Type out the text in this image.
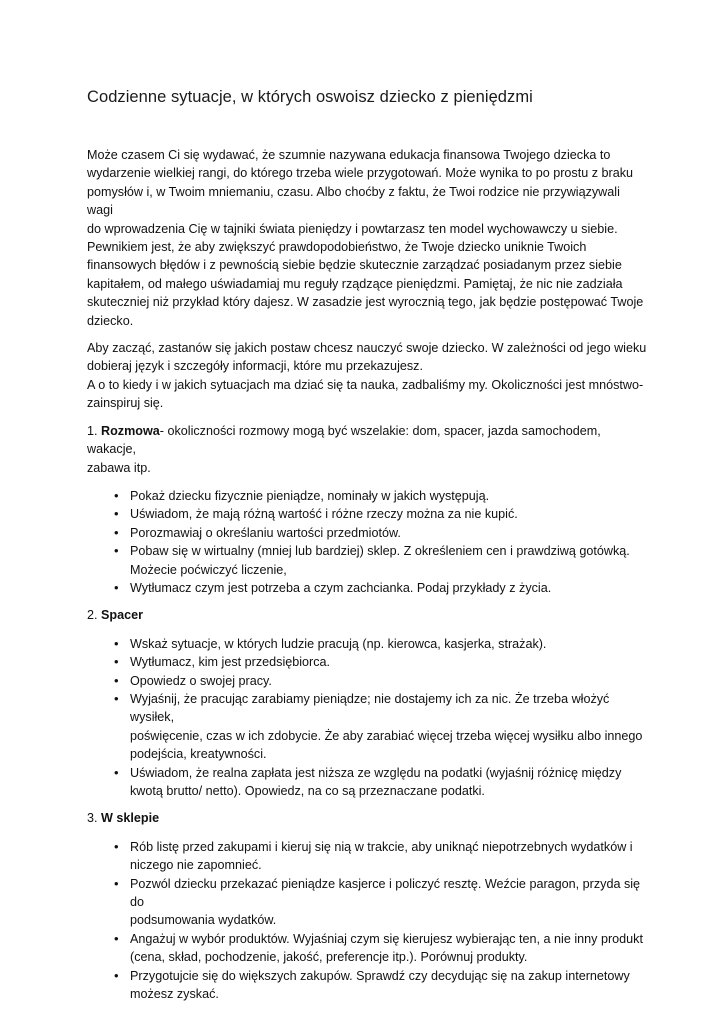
Codzienne sytuacje, w których oswoisz dziecko z pieniędzmi

Może czasem Ci się wydawać, że szumnie nazywana edukacja finansowa Twojego dziecka to
wydarzenie wielkiej rangi, do którego trzeba wiele przygotowań. Może wynika to po prostu z braku
pomysłów i, w Twoim mniemaniu, czasu. Albo choćby z faktu, że Twoi rodzice nie przywiązywali wagi
do wprowadzenia Cię w tajniki świata pieniędzy i powtarzasz ten model wychowawczy u siebie.
Pewnikiem jest, że aby zwiększyć prawdopodobieństwo, że Twoje dziecko uniknie Twoich
finansowych błędów i z pewnością siebie będzie skutecznie zarządzać posiadanym przez siebie
kapitałem, od małego uświadamiaj mu reguły rządzące pieniędzmi. Pamiętaj, że nic nie zadziała
skuteczniej niż przykład który dajesz. W zasadzie jest wyrocznią tego, jak będzie postępować Twoje
dziecko.

Aby zacząć, zastanów się jakich postaw chcesz nauczyć swoje dziecko. W zależności od jego wieku
dobieraj język i szczegóły informacji, które mu przekazujesz.
A o to kiedy i w jakich sytuacjach ma dziać się ta nauka, zadbaliśmy my. Okoliczności jest mnóstwo-
zainspiruj się.

1. Rozmowa- okoliczności rozmowy mogą być wszelakie: dom, spacer, jazda samochodem, wakacje,
zabawa itp.

• Pokaż dziecku fizycznie pieniądze, nominały w jakich występują.
• Uświadom, że mają różną wartość i różne rzeczy można za nie kupić.
• Porozmawiaj o określaniu wartości przedmiotów.
• Pobaw się w wirtualny (mniej lub bardziej) sklep. Z określeniem cen i prawdziwą gotówką.
Możecie poćwiczyć liczenie,
• Wytłumacz czym jest potrzeba a czym zachcianka. Podaj przykłady z życia.

2. Spacer

• Wskaż sytuacje, w których ludzie pracują (np. kierowca, kasjerka, strażak).
• Wytłumacz, kim jest przedsiębiorca.
• Opowiedz o swojej pracy.
• Wyjaśnij, że pracując zarabiamy pieniądze; nie dostajemy ich za nic. Że trzeba włożyć wysiłek,
poświęcenie, czas w ich zdobycie. Że aby zarabiać więcej trzeba więcej wysiłku albo innego
podejścia, kreatywności.
• Uświadom, że realna zapłata jest niższa ze względu na podatki (wyjaśnij różnicę między
kwotą brutto/ netto). Opowiedz, na co są przeznaczane podatki.

3. W sklepie

• Rób listę przed zakupami i kieruj się nią w trakcie, aby uniknąć niepotrzebnych wydatków i
niczego nie zapomnieć.
• Pozwól dziecku przekazać pieniądze kasjerce i policzyć resztę. Weźcie paragon, przyda się do
podsumowania wydatków.
• Angażuj w wybór produktów. Wyjaśniaj czym się kierujesz wybierając ten, a nie inny produkt
(cena, skład, pochodzenie, jakość, preferencje itp.). Porównuj produkty.
• Przygotujcie się do większych zakupów. Sprawdź czy decydując się na zakup internetowy
możesz zyskać.
